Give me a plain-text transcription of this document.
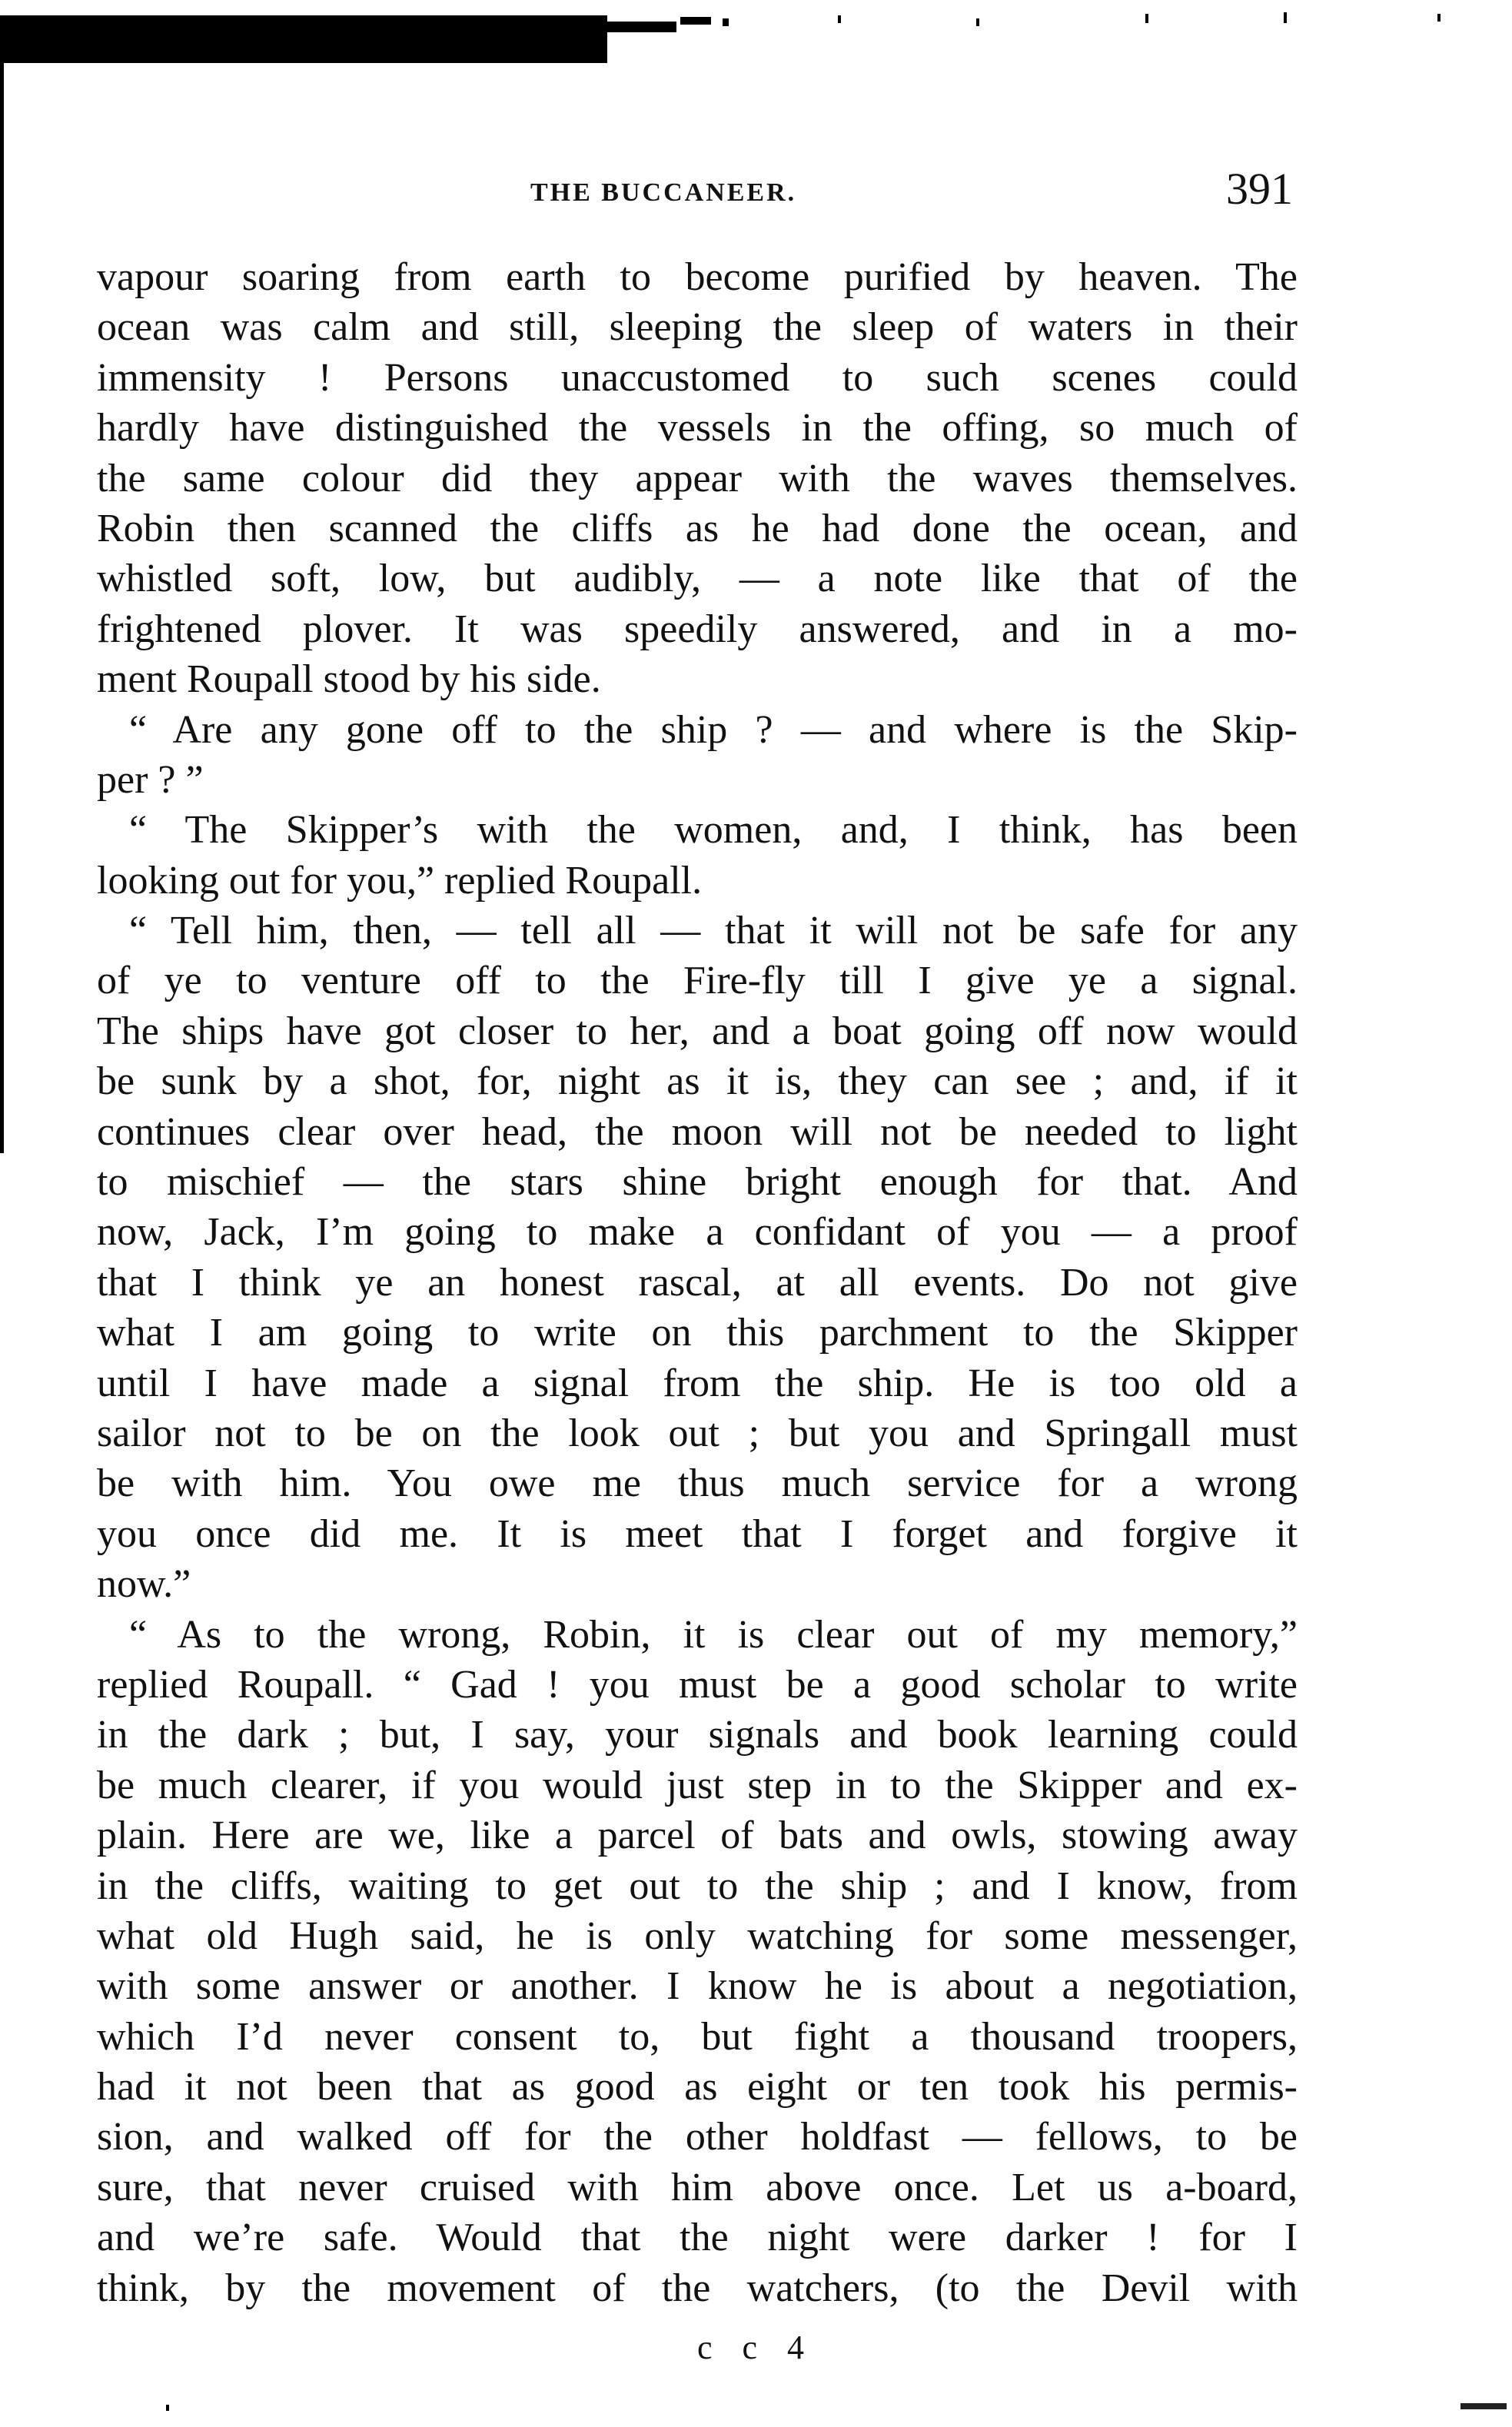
THE BUCCANEER.	391
vapour soaring from earth to become purified by heaven. The
ocean was calm and still, sleeping the sleep of waters in their
immensity ! Persons unaccustomed to such scenes could
hardly have distinguished the vessels in the offing, so much of
the same colour did they appear with the waves themselves.
Robin then scanned the cliffs as he had done the ocean, and
whistled soft, low, but audibly, — a note like that of the
frightened plover. It was speedily answered, and in a mo-
ment Roupall stood by his side.
“ Are any gone off to the ship ? — and where is the Skip-
per ? ”
“ The Skipper’s with the women, and, I think, has been
looking out for you,” replied Roupall.
“ Tell him, then, — tell all — that it will not be safe for any
of ye to venture off to the Fire-fly till I give ye a signal.
The ships have got closer to her, and a boat going off now would
be sunk by a shot, for, night as it is, they can see ; and, if it
continues clear over head, the moon will not be needed to light
to mischief — the stars shine bright enough for that. And
now, Jack, I’m going to make a confidant of you — a proof
that I think ye an honest rascal, at all events. Do not give
what I am going to write on this parchment to the Skipper
until I have made a signal from the ship. He is too old a
sailor not to be on the look out ; but you and Springall must
be with him. You owe me thus much service for a wrong
you once did me. It is meet that I forget and forgive it
now.”
“ As to the wrong, Robin, it is clear out of my memory,”
replied Roupall. “ Gad ! you must be a good scholar to write
in the dark ; but, I say, your signals and book learning could
be much clearer, if you would just step in to the Skipper and ex-
plain. Here are we, like a parcel of bats and owls, stowing away
in the cliffs, waiting to get out to the ship ; and I know, from
what old Hugh said, he is only watching for some messenger,
with some answer or another. I know he is about a negotiation,
which I’d never consent to, but fight a thousand troopers,
had it not been that as good as eight or ten took his permis-
sion, and walked off for the other holdfast — fellows, to be
sure, that never cruised with him above once. Let us a-board,
and we’re safe. Would that the night were darker ! for I
think, by the movement of the watchers, (to the Devil with
c c 4
